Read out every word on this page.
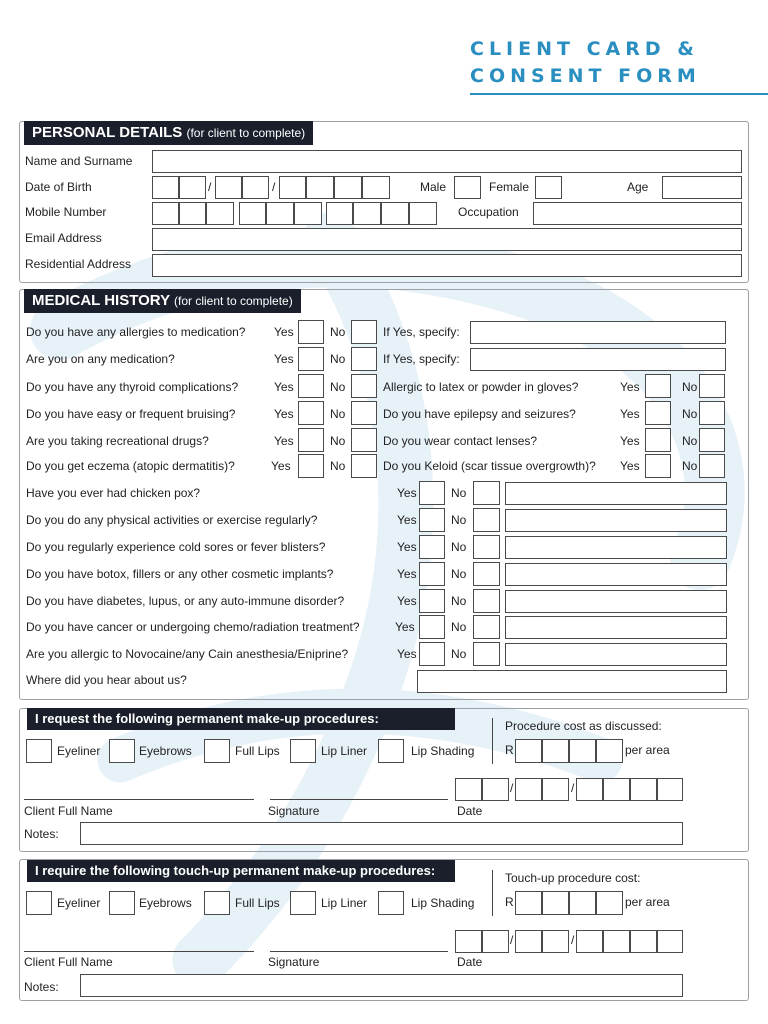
CLIENT CARD &
CONSENT FORM
PERSONAL DETAILS (for client to complete)
Name and Surname
Date of Birth	/	/	Male	Female	Age
Mobile Number	Occupation
Email Address
Residential Address
MEDICAL HISTORY (for client to complete)
Do you have any allergies to medication? Yes	No	If Yes, specify:
Are you on any medication?	Yes	No	If Yes, specify:
Do you have any thyroid complications?	Yes	No	Allergic to latex or powder in gloves?	Yes	No
Do you have easy or frequent bruising?	Yes	No	Do you have epilepsy and seizures?	Yes	No
Are you taking recreational drugs?	Yes	No	Do you wear contact lenses?	Yes	No
Do you get eczema (atopic dermatitis)?	Yes	No	Do you Keloid (scar tissue overgrowth)? Yes	No
Have you ever had chicken pox?	Yes	No
Do you do any physical activities or exercise regularly?	Yes	No
Do you regularly experience cold sores or fever blisters?	Yes	No
Do you have botox, fillers or any other cosmetic implants?	Yes	No
Do you have diabetes, lupus, or any auto-immune disorder?	Yes	No
Do you have cancer or undergoing chemo/radiation treatment?	Yes	No
Are you allergic to Novocaine/any Cain anesthesia/Eniprine?	Yes	No
Where did you hear about us?
I request the following permanent make-up procedures:	Procedure cost as discussed:
Eyeliner	Eyebrows	Full Lips	Lip Liner	Lip Shading	R	per area
/	/
Client Full Name	Signature	Date
Notes:
I require the following touch-up permanent make-up procedures:	Touch-up procedure cost:
Eyeliner	Eyebrows	Full Lips	Lip Liner	Lip Shading	R	per area
/	/
Client Full Name	Signature	Date
Notes:
